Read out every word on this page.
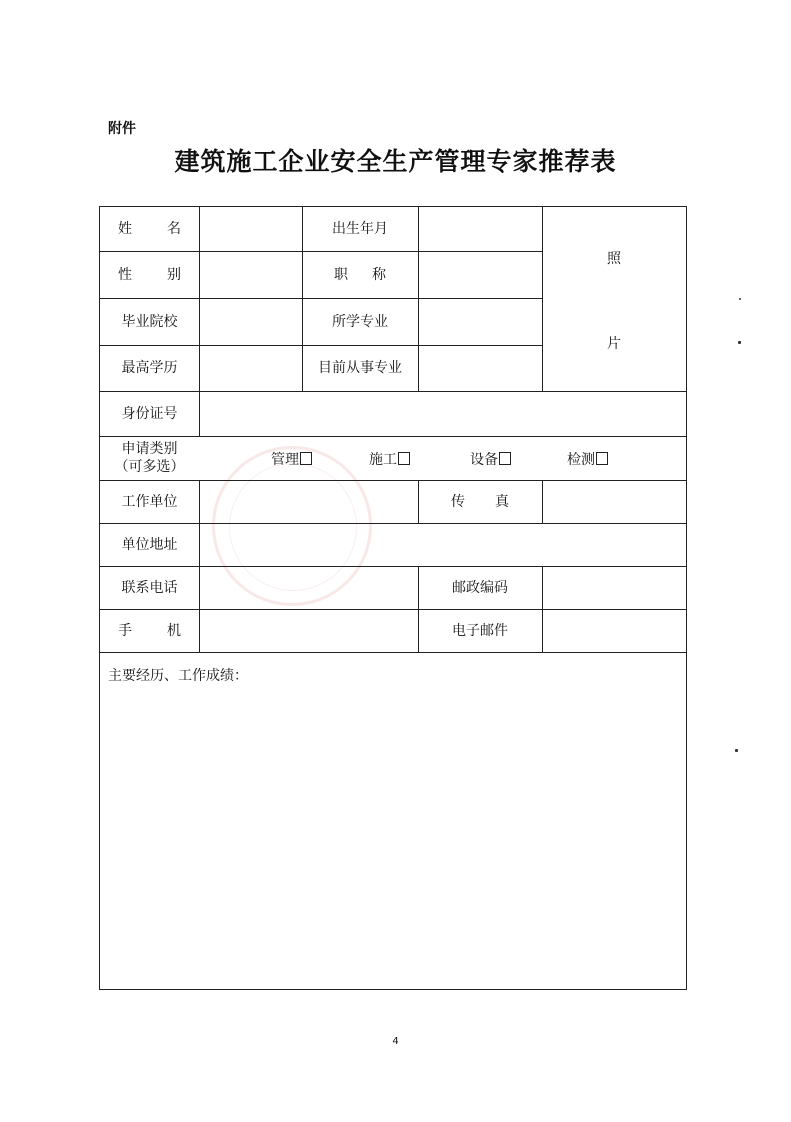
附件
建筑施工企业安全生产管理专家推荐表
姓	名	出生年月
性	别	职 称
毕业院校	所学专业
最高学历	目前从事专业
照
片
身份证号
申请类别
（可多选）	管理	施工	设备	检测
工作单位	传 真
单位地址
联系电话	邮政编码
手	机	电子邮件
主要经历、工作成绩：
4
